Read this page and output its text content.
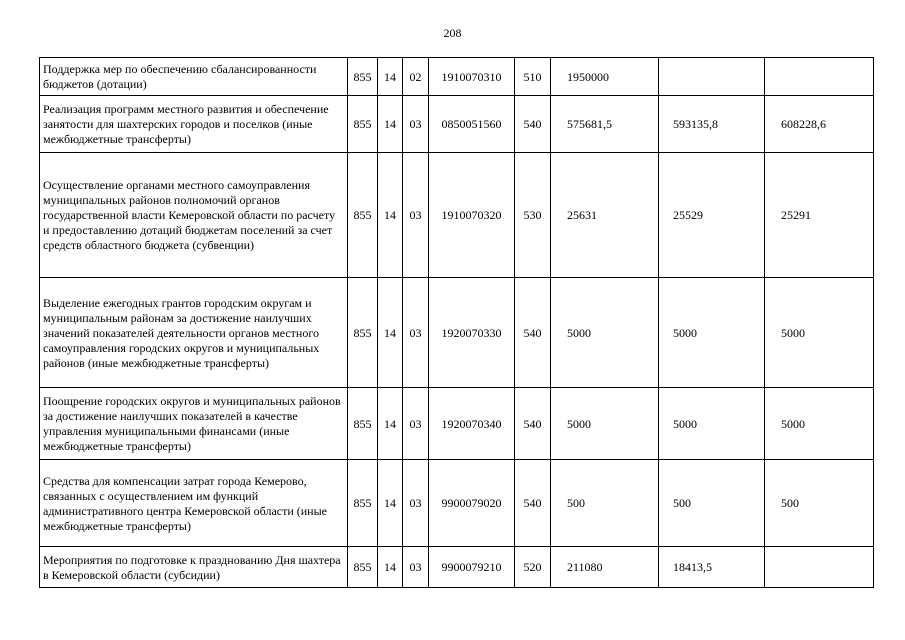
208
Поддержка мер по обеспечению сбалансированности бюджетов (дотации)	855	14	02	1910070310	510	1950000		
Реализация программ местного развития и обеспечение занятости для шахтерских городов и поселков (иные межбюджетные трансферты)	855	14	03	0850051560	540	575681,5	593135,8	608228,6
Осуществление органами местного самоуправления муниципальных районов полномочий органов государственной власти Кемеровской области по расчету и предоставлению дотаций бюджетам поселений за счет средств областного бюджета (субвенции)	855	14	03	1910070320	530	25631	25529	25291
Выделение ежегодных грантов городским округам и муниципальным районам за достижение наилучших значений показателей деятельности органов местного самоуправления городских округов и муниципальных районов (иные межбюджетные трансферты)	855	14	03	1920070330	540	5000	5000	5000
Поощрение городских округов и муниципальных районов за достижение наилучших показателей в качестве управления муниципальными финансами (иные межбюджетные трансферты)	855	14	03	1920070340	540	5000	5000	5000
Средства для компенсации затрат города Кемерово, связанных с осуществлением им функций административного центра Кемеровской области (иные межбюджетные трансферты)	855	14	03	9900079020	540	500	500	500
Мероприятия по подготовке к празднованию Дня шахтера в Кемеровской области (субсидии)	855	14	03	9900079210	520	211080	18413,5	
